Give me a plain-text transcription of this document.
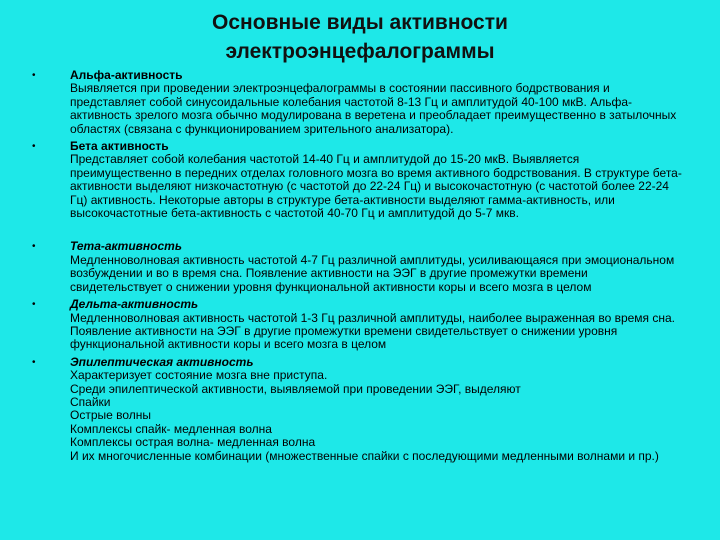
Основные виды активности
электроэнцефалограммы
•	Альфа-активность
Выявляется при проведении электроэнцефалограммы в состоянии пассивного бодрствования и представляет собой синусоидальные колебания частотой 8-13 Гц и амплитудой 40-100 мкВ. Альфа-активность зрелого мозга обычно модулирована в веретена и преобладает преимущественно в затылочных областях (связана с функционированием зрительного анализатора).
•	Бета активность
Представляет собой колебания частотой 14-40 Гц и амплитудой до 15-20 мкВ. Выявляется преимущественно в передних отделах головного мозга во время активного бодрствования. В структуре бета-активности выделяют низкочастотную (с частотой до 22-24 Гц) и высокочастотную (с частотой более 22-24 Гц) активность. Некоторые авторы в структуре бета-активности выделяют гамма-активность, или высокочастотные бета-активность с частотой 40-70 Гц и амплитудой до 5-7 мкв.
•	Тета-активность
Медленноволновая активность частотой 4-7 Гц различной амплитуды, усиливающаяся при эмоциональном возбуждении и во в время сна. Появление активности на ЭЭГ в другие промежутки времени свидетельствует о снижении уровня функциональной активности коры и всего мозга в целом
•	Дельта-активность
Медленноволновая активность частотой 1-3 Гц различной амплитуды, наиболее выраженная во время сна. Появление активности на ЭЭГ в другие промежутки времени свидетельствует о снижении уровня функциональной активности коры и всего мозга в целом
•	Эпилептическая активность
Характеризует состояние мозга вне приступа.
Среди эпилептической активности, выявляемой при проведении ЭЭГ, выделяют
Спайки
Острые волны
Комплексы спайк- медленная волна
Комплексы острая волна- медленная волна
И их многочисленные комбинации (множественные спайки с последующими медленными волнами и пр.)
